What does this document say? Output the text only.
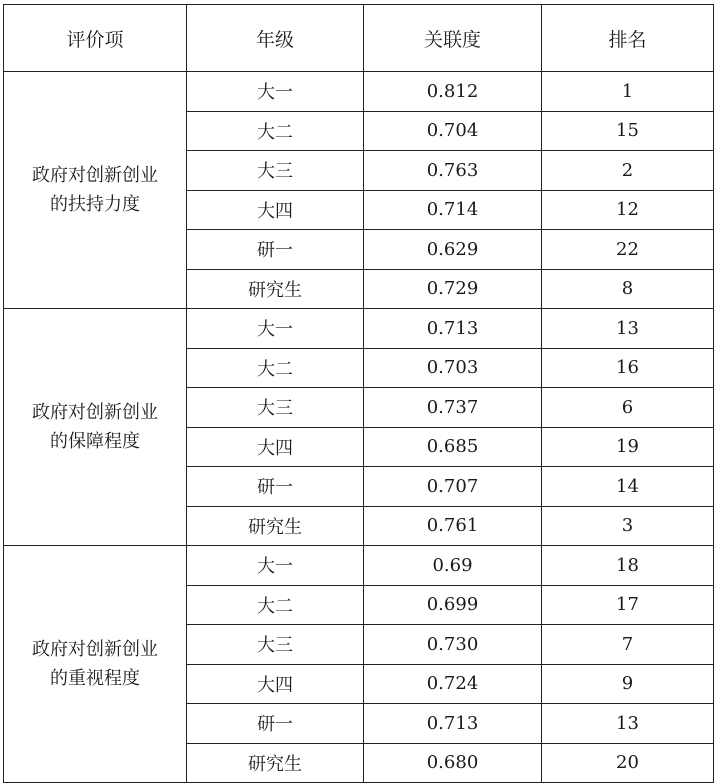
评价项	年级	关联度	排名

政府对创新创业
的扶持力度	大一	0.812	1
	大二	0.704	15
	大三	0.763	2
	大四	0.714	12
	研一	0.629	22
	研究生	0.729	8

政府对创新创业
的保障程度	大一	0.713	13
	大二	0.703	16
	大三	0.737	6
	大四	0.685	19
	研一	0.707	14
	研究生	0.761	3

政府对创新创业
的重视程度	大一	0.69	18
	大二	0.699	17
	大三	0.730	7
	大四	0.724	9
	研一	0.713	13
	研究生	0.680	20
